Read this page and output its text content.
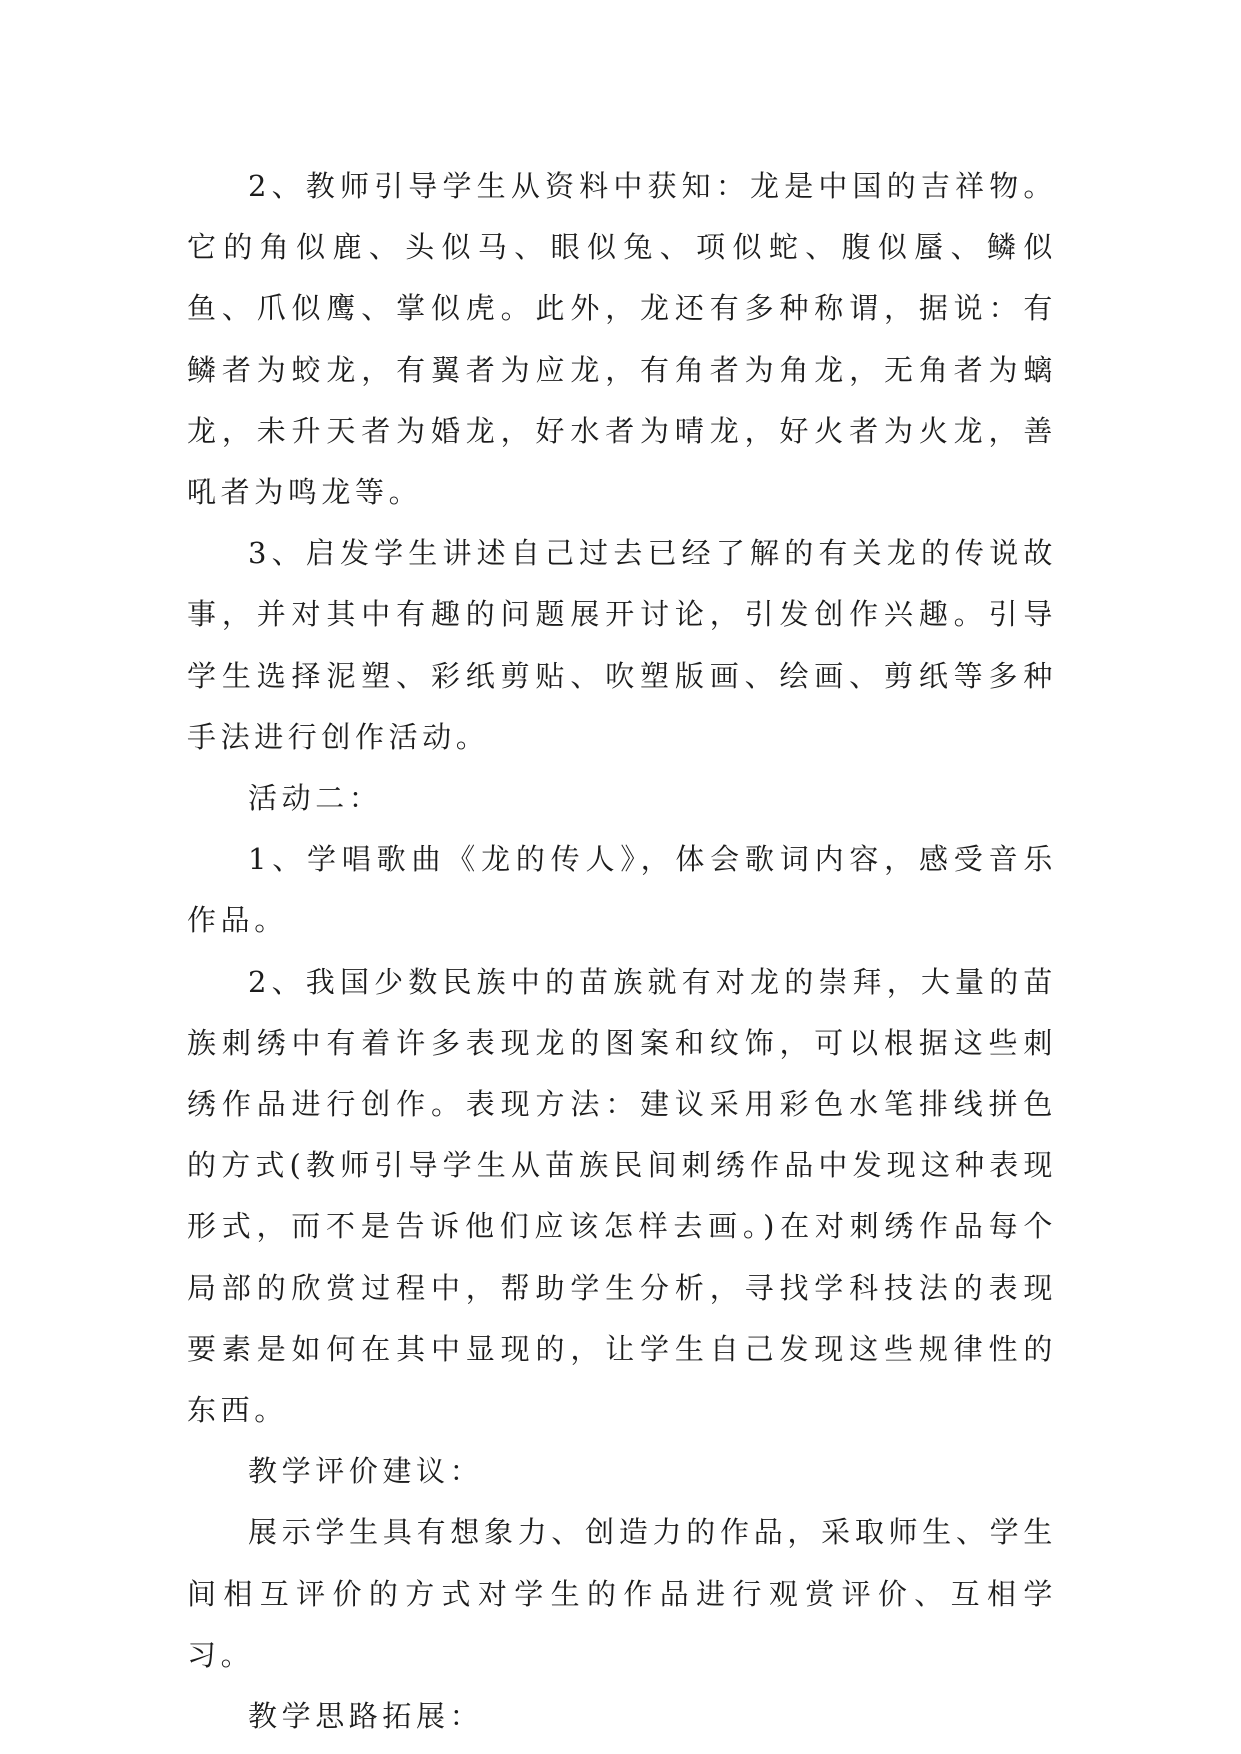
2、教师引导学生从资料中获知：龙是中国的吉祥物。它的角似鹿、头似马、眼似兔、项似蛇、腹似蜃、鳞似鱼、爪似鹰、掌似虎。此外，龙还有多种称谓，据说：有鳞者为蛟龙，有翼者为应龙，有角者为角龙，无角者为螭龙，未升天者为婚龙，好水者为晴龙，好火者为火龙，善吼者为鸣龙等。

3、启发学生讲述自己过去已经了解的有关龙的传说故事，并对其中有趣的问题展开讨论，引发创作兴趣。引导学生选择泥塑、彩纸剪贴、吹塑版画、绘画、剪纸等多种手法进行创作活动。

活动二：

1、学唱歌曲《龙的传人》，体会歌词内容，感受音乐作品。

2、我国少数民族中的苗族就有对龙的崇拜，大量的苗族刺绣中有着许多表现龙的图案和纹饰，可以根据这些刺绣作品进行创作。表现方法：建议采用彩色水笔排线拼色的方式(教师引导学生从苗族民间刺绣作品中发现这种表现形式，而不是告诉他们应该怎样去画。)在对刺绣作品每个局部的欣赏过程中，帮助学生分析，寻找学科技法的表现要素是如何在其中显现的，让学生自己发现这些规律性的东西。

教学评价建议：

展示学生具有想象力、创造力的作品，采取师生、学生间相互评价的方式对学生的作品进行观赏评价、互相学习。

教学思路拓展：
